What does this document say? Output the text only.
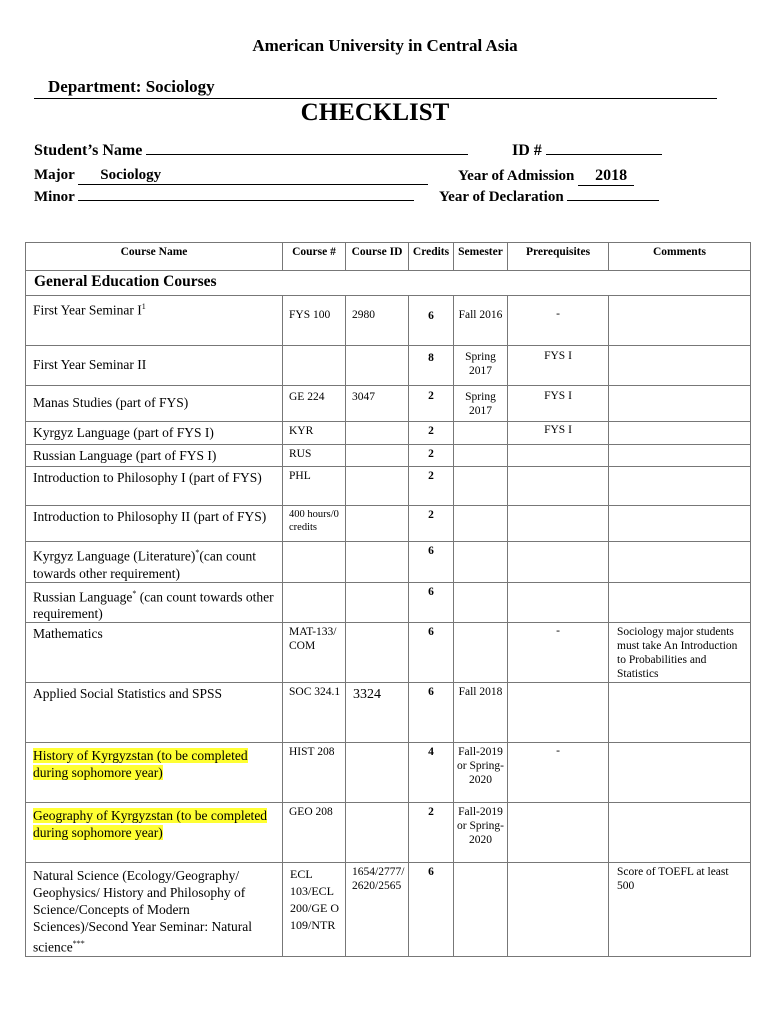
American University in Central Asia
Department: Sociology
CHECKLIST
Student’s Name	ID #
Major Sociology	Year of Admission 2018
Minor	Year of Declaration
Course Name	Course #	Course ID	Credits	Semester	Prerequisites	Comments
General Education Courses						
First Year Seminar $I^1$	FYS 100	2980	6	Fall 2016	-	
First Year Seminar II			8	Spring 2017	FYS I	
Manas Studies (part of FYS)	GE 224	3047	2	Spring 2017	FYS I	
Kyrgyz Language (part of FYS I)	KYR		2		FYS I	
Russian Language (part of FYS I)	RUS		2			
Introduction to Philosophy I (part of FYS)	PHL		2			
Introduction to Philosophy II (part of FYS)	400 hours/0 credits		2			
Kyrgyz Language (Literature)*(can count towards other requirement)			6			
Russian Language* (can count towards other requirement)			6			
Mathematics	MAT-133/ COM		6		-	Sociology major students must take An Introduction to Probabilities and Statistics

Applied Social Statistics and SPSS	SOC 324.1	3324	6	Fall 2018		
History of Kyrgyzstan (to be completed during sophomore year)	HIST 208		4	Fall-2019 or Spring-2020	-	
Geography of Kyrgyzstan (to be completed during sophomore year)	GEO 208		2	Fall-2019 or Spring-2020		
Natural Science (Ecology/Geography/ Geophysics/ History and Philosophy of Science/Concepts of Modern Sciences)/Second Year Seminar: Natural science***	ECL 103/ECL 200/GE O 109/NTR	1654/2777/2620/2565	6			Score of TOEFL at least 500
